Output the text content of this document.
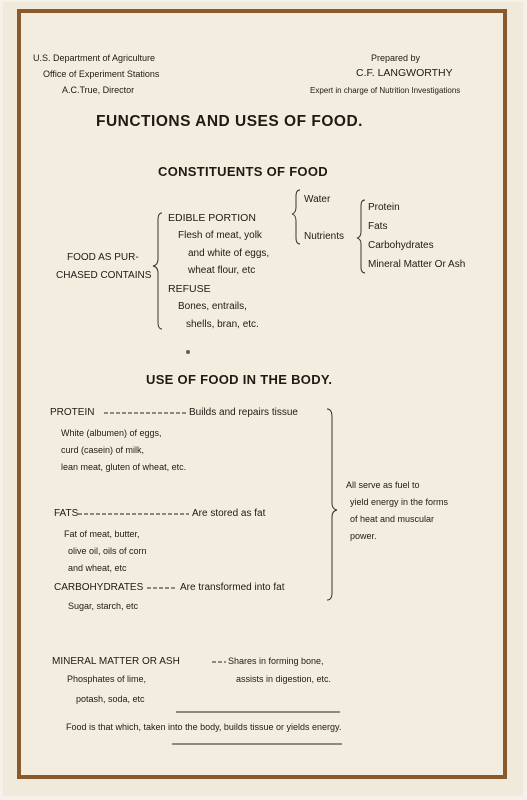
U.S. Department of Agriculture
Office of Experiment Stations
A.C.True, Director
Prepared by
C.F. LANGWORTHY
Expert in charge of Nutrition Investigations
FUNCTIONS AND USES OF FOOD.
CONSTITUENTS OF FOOD
FOOD AS PUR-
CHASED CONTAINS
EDIBLE PORTION
Flesh of meat, yolk
and white of eggs,
wheat flour, etc
REFUSE
Bones, entrails,
shells, bran, etc.
Water
Nutrients
Protein
Fats
Carbohydrates
Mineral Matter Or Ash
USE OF FOOD IN THE BODY.
PROTEIN	Builds and repairs tissue
White (albumen) of eggs,
curd (casein) of milk,
lean meat, gluten of wheat, etc.
FATS	Are stored as fat
Fat of meat, butter,
olive oil, oils of corn
and wheat, etc
CARBOHYDRATES	Are transformed into fat
Sugar, starch, etc
All serve as fuel to
yield energy in the forms
of heat and muscular
power.
MINERAL MATTER OR ASH	Shares in forming bone,
assists in digestion, etc.
Phosphates of lime,
potash, soda, etc
Food is that which, taken into the body, builds tissue or yields energy.
